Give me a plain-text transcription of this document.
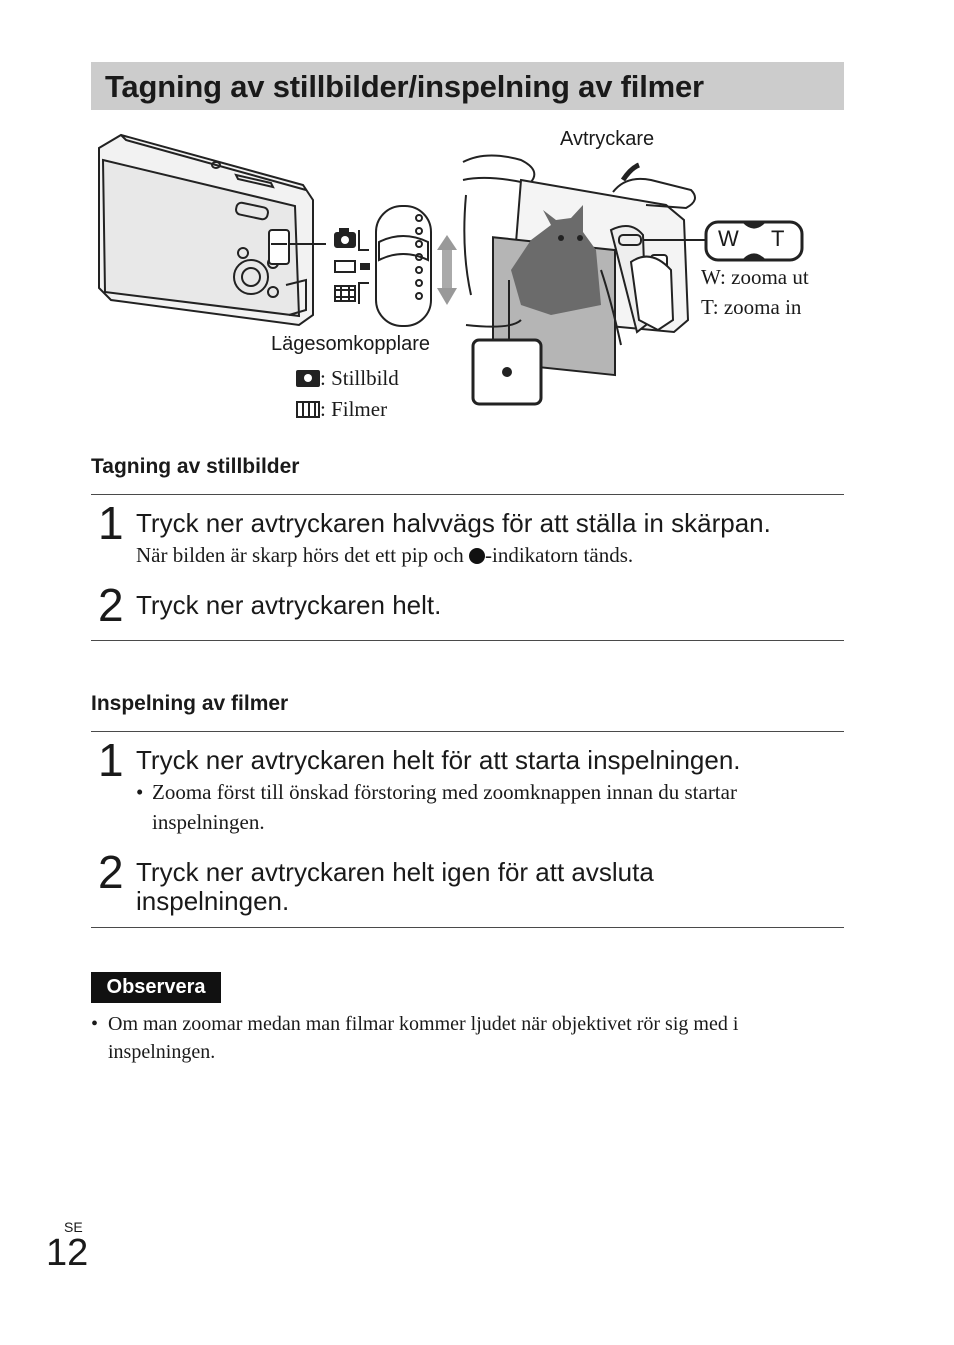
Tagning av stillbilder/inspelning av filmer
Avtryckare
W T
W: zooma ut
T: zooma in
Lägesomkopplare
: Stillbild
: Filmer
Tagning av stillbilder
1 Tryck ner avtryckaren halvvägs för att ställa in skärpan.
När bilden är skarp hörs det ett pip och -indikatorn tänds.
2 Tryck ner avtryckaren helt.
Inspelning av filmer
1 Tryck ner avtryckaren helt för att starta inspelningen.
• Zooma först till önskad förstoring med zoomknappen innan du startar inspelningen.
2 Tryck ner avtryckaren helt igen för att avsluta
inspelningen.
Observera
• Om man zoomar medan man filmar kommer ljudet när objektivet rör sig med i inspelningen.
SE
12
